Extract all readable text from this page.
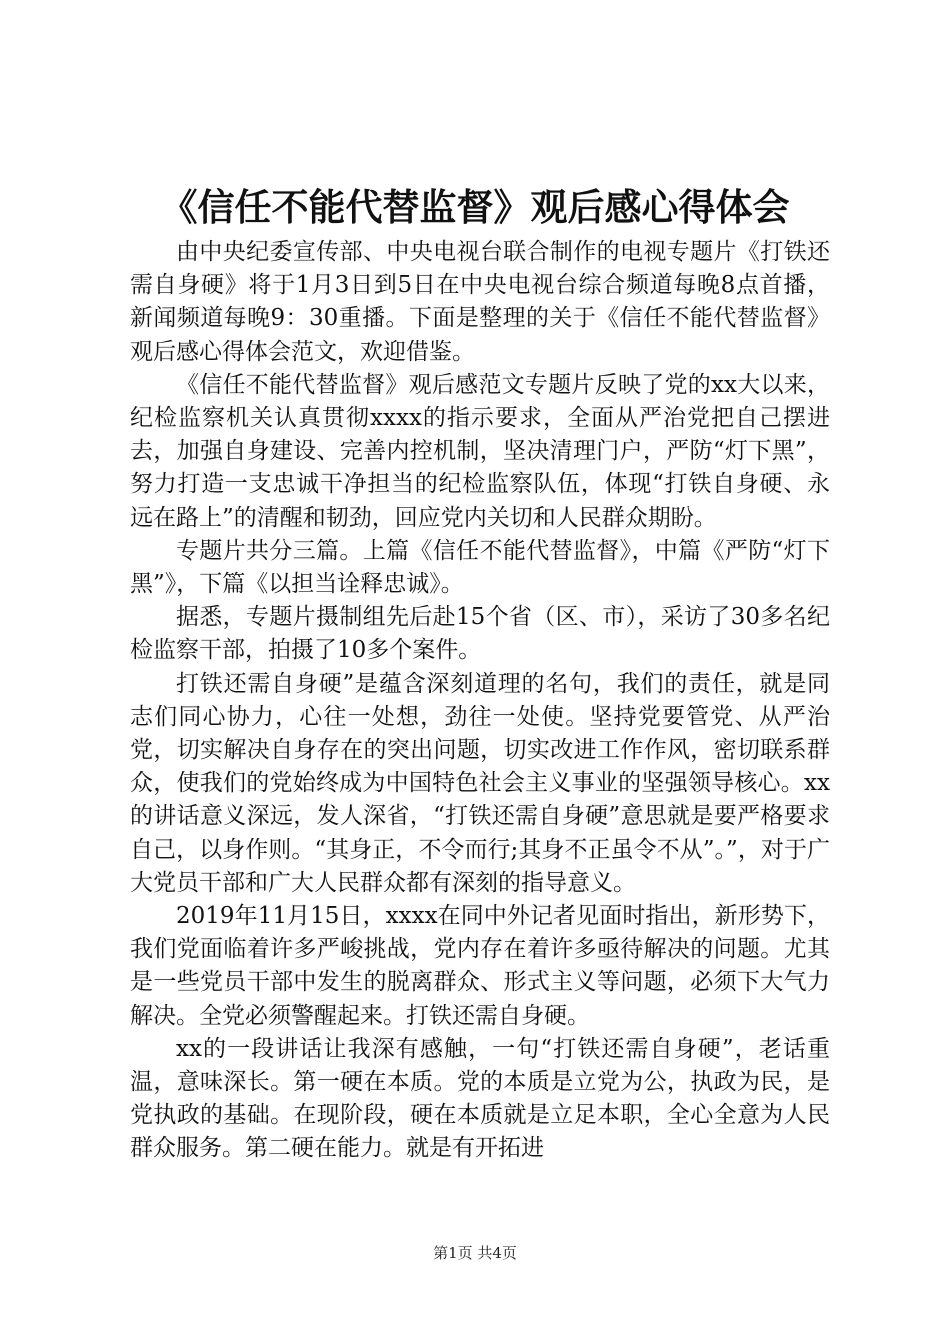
《信任不能代替监督》观后感心得体会

由中央纪委宣传部、中央电视台联合制作的电视专题片《打铁还需自身硬》将于1月3日到5日在中央电视台综合频道每晚8点首播，新闻频道每晚9：30重播。下面是整理的关于《信任不能代替监督》观后感心得体会范文，欢迎借鉴。

《信任不能代替监督》观后感范文专题片反映了党的xx大以来，纪检监察机关认真贯彻xxxx的指示要求，全面从严治党把自己摆进去，加强自身建设、完善内控机制，坚决清理门户，严防“灯下黑”，努力打造一支忠诚干净担当的纪检监察队伍，体现“打铁自身硬、永远在路上”的清醒和韧劲，回应党内关切和人民群众期盼。

专题片共分三篇。上篇《信任不能代替监督》，中篇《严防“灯下黑”》，下篇《以担当诠释忠诚》。

据悉，专题片摄制组先后赴15个省（区、市），采访了30多名纪检监察干部，拍摄了10多个案件。

打铁还需自身硬”是蕴含深刻道理的名句，我们的责任，就是同志们同心协力，心往一处想，劲往一处使。坚持党要管党、从严治党，切实解决自身存在的突出问题，切实改进工作作风，密切联系群众，使我们的党始终成为中国特色社会主义事业的坚强领导核心。xx的讲话意义深远，发人深省，“打铁还需自身硬”意思就是要严格要求自己，以身作则。“其身正，不令而行;其身不正虽令不从”。”，对于广大党员干部和广大人民群众都有深刻的指导意义。

2019年11月15日，xxxx在同中外记者见面时指出，新形势下，我们党面临着许多严峻挑战，党内存在着许多亟待解决的问题。尤其是一些党员干部中发生的脱离群众、形式主义等问题，必须下大气力解决。全党必须警醒起来。打铁还需自身硬。

xx的一段讲话让我深有感触，一句“打铁还需自身硬”，老话重温，意味深长。第一硬在本质。党的本质是立党为公，执政为民，是党执政的基础。在现阶段，硬在本质就是立足本职，全心全意为人民群众服务。第二硬在能力。就是有开拓进

第1页 共4页
